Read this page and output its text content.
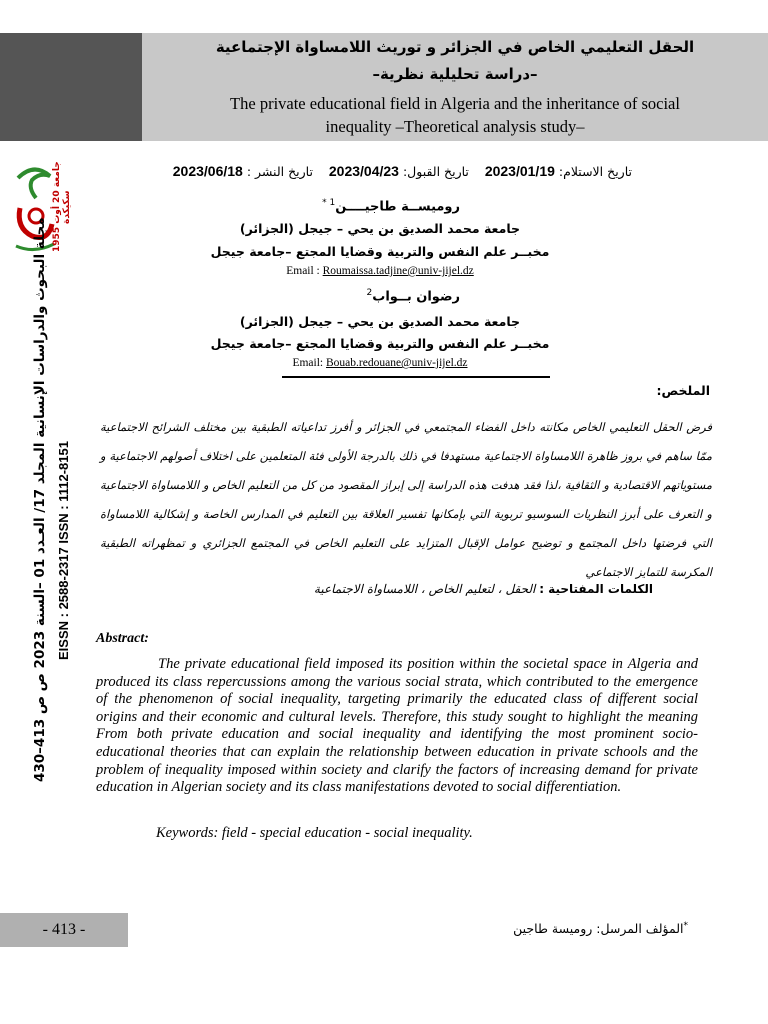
الحقل التعليمي الخاص في الجزائر و توريث اللامساواة الإجتماعية
–دراسة تحليلية نظرية–
The private educational field in Algeria and the inheritance of social
inequality –Theoretical analysis study–
جامعة 20 أوت 1955 سكيكدة
مجلة البحوث والدراسات الإنسانية المجلد 17/ العـدد 01 –السنة 2023 ص ص 413–430
EISSN : 2588-2317 ISSN : 1112-8151
تاريخ الاستلام: 2023/01/19    تاريخ القبول: 2023/04/23    تاريخ النشر : 2023/06/18
روميســة طاجيــــن$^{1 *}$
جامعة محمد الصديق بن يحي – جيجل (الجزائر)
مخبــر علم النفس والتربية وقضايا المجتع –جامعة جيجل
Email : Roumaissa.tadjine@univ-jijel.dz
رضوان بــواب$^2$
جامعة محمد الصديق بن يحي – جيجل (الجزائر)
مخبــر علم النفس والتربية وقضايا المجتع –جامعة جيجل
Email: Bouab.redouane@univ-jijel.dz
الملخص:
فرض الحقل التعليمي الخاص مكانته داخل الفضاء المجتمعي في الجزائر و أفرز تداعياته الطبقية بين مختلف الشرائح الاجتماعية ممّا ساهم في بروز ظاهرة اللامساواة الاجتماعية مستهدفا في ذلك بالدرجة الأولى فئة المتعلمين على اختلاف أصولهم الاجتماعية و مستوياتهم الاقتصادية و الثقافية ،لذا فقد هدفت هذه الدراسة إلى إبراز المقصود من كل من التعليم الخاص و اللامساواة الاجتماعية و التعرف على أبرز النظريات السوسيو تربوية التي بإمكانها تفسير العلاقة بين التعليم في المدارس الخاصة و إشكالية اللامساواة التي فرضتها داخل المجتمع و توضيح عوامل الإقبال المتزايد على التعليم الخاص في المجتمع الجزائري و تمظهراته الطبقية المكرسة للتمايز الاجتماعي
الكلمات المفتاحية : الحقل ، لتعليم الخاص ، اللامساواة الاجتماعية
Abstract:
The private educational field imposed its position within the societal space in Algeria and produced its class repercussions among the various social strata, which contributed to the emergence of the phenomenon of social inequality, targeting primarily the educated class of different social origins and their economic and cultural levels. Therefore, this study sought to highlight the meaning From both private education and social inequality and identifying the most prominent socio-educational theories that can explain the relationship between education in private schools and the problem of inequality imposed within society and clarify the factors of increasing demand for private education in Algerian society and its class manifestations devoted to social differentiation.
Keywords: field - special education - social inequality.
- 413 -	*المؤلف المرسل: روميسة طاجين
